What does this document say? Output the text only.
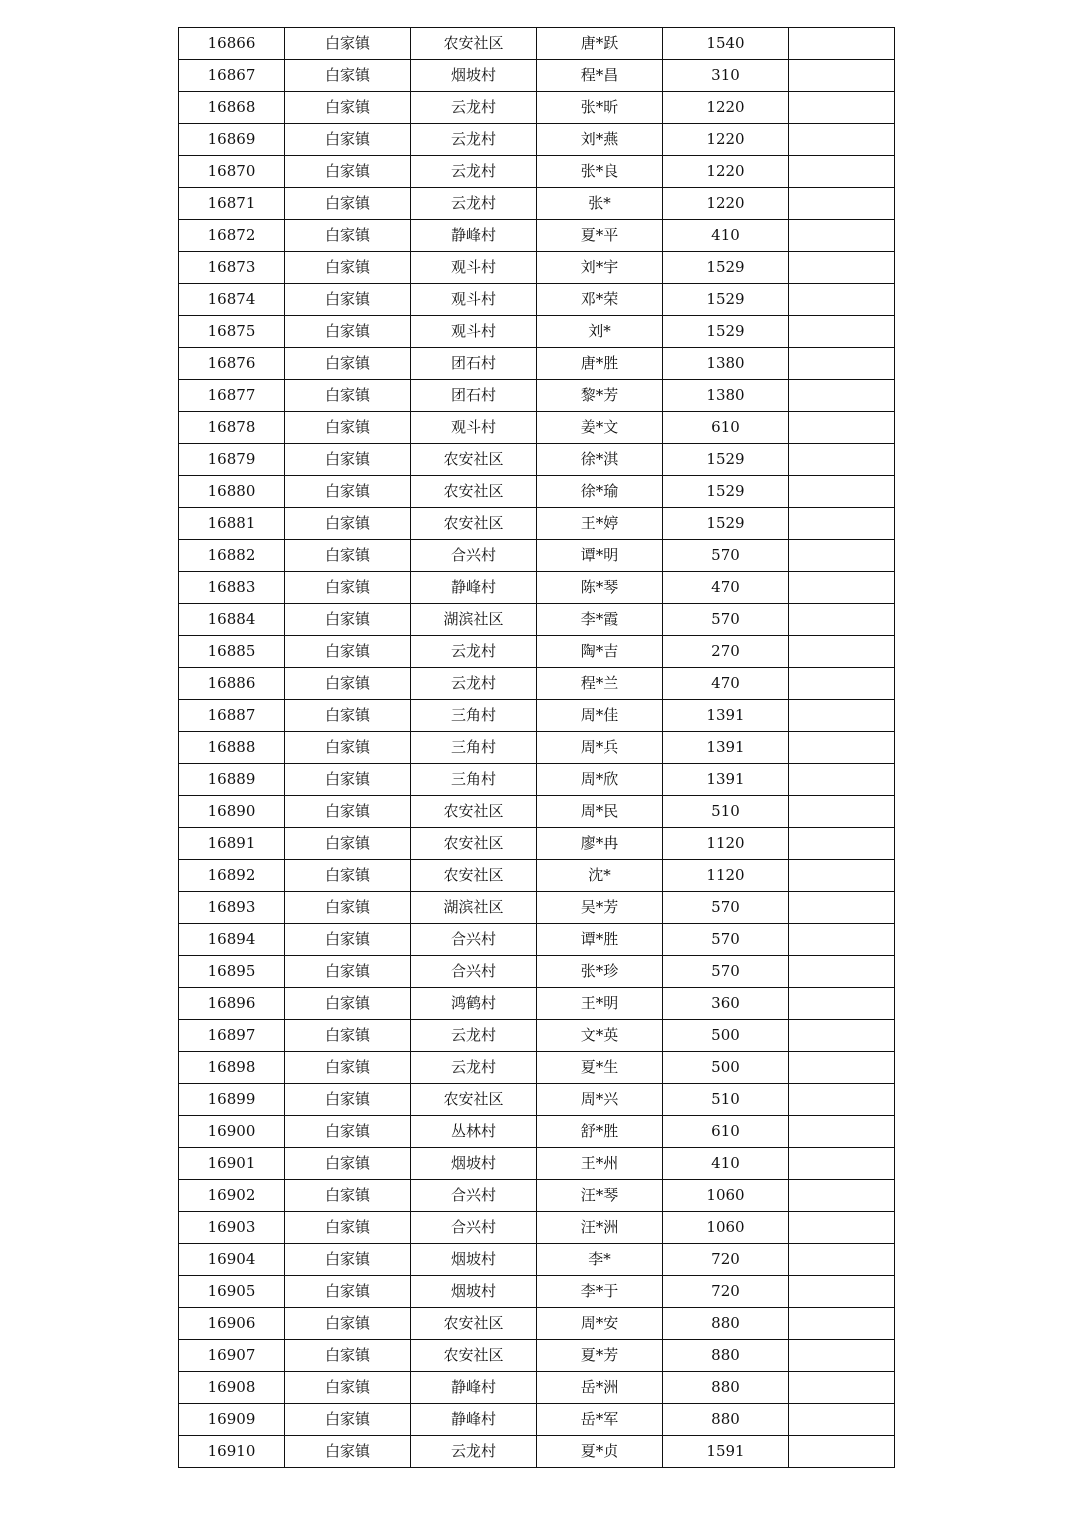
16866	白家镇	农安社区	唐*跃	1540	
16867	白家镇	烟坡村	程*昌	310	
16868	白家镇	云龙村	张*昕	1220	
16869	白家镇	云龙村	刘*燕	1220	
16870	白家镇	云龙村	张*良	1220	
16871	白家镇	云龙村	张*	1220	
16872	白家镇	静峰村	夏*平	410	
16873	白家镇	观斗村	刘*宇	1529	
16874	白家镇	观斗村	邓*荣	1529	
16875	白家镇	观斗村	刘*	1529	
16876	白家镇	团石村	唐*胜	1380	
16877	白家镇	团石村	黎*芳	1380	
16878	白家镇	观斗村	姜*文	610	
16879	白家镇	农安社区	徐*淇	1529	
16880	白家镇	农安社区	徐*瑜	1529	
16881	白家镇	农安社区	王*婷	1529	
16882	白家镇	合兴村	谭*明	570	
16883	白家镇	静峰村	陈*琴	470	
16884	白家镇	湖滨社区	李*霞	570	
16885	白家镇	云龙村	陶*吉	270	
16886	白家镇	云龙村	程*兰	470	
16887	白家镇	三角村	周*佳	1391	
16888	白家镇	三角村	周*兵	1391	
16889	白家镇	三角村	周*欣	1391	
16890	白家镇	农安社区	周*民	510	
16891	白家镇	农安社区	廖*冉	1120	
16892	白家镇	农安社区	沈*	1120	
16893	白家镇	湖滨社区	吴*芳	570	
16894	白家镇	合兴村	谭*胜	570	
16895	白家镇	合兴村	张*珍	570	
16896	白家镇	鸿鹤村	王*明	360	
16897	白家镇	云龙村	文*英	500	
16898	白家镇	云龙村	夏*生	500	
16899	白家镇	农安社区	周*兴	510	
16900	白家镇	丛林村	舒*胜	610	
16901	白家镇	烟坡村	王*州	410	
16902	白家镇	合兴村	汪*琴	1060	
16903	白家镇	合兴村	汪*洲	1060	
16904	白家镇	烟坡村	李*	720	
16905	白家镇	烟坡村	李*于	720	
16906	白家镇	农安社区	周*安	880	
16907	白家镇	农安社区	夏*芳	880	
16908	白家镇	静峰村	岳*洲	880	
16909	白家镇	静峰村	岳*军	880	
16910	白家镇	云龙村	夏*贞	1591	
